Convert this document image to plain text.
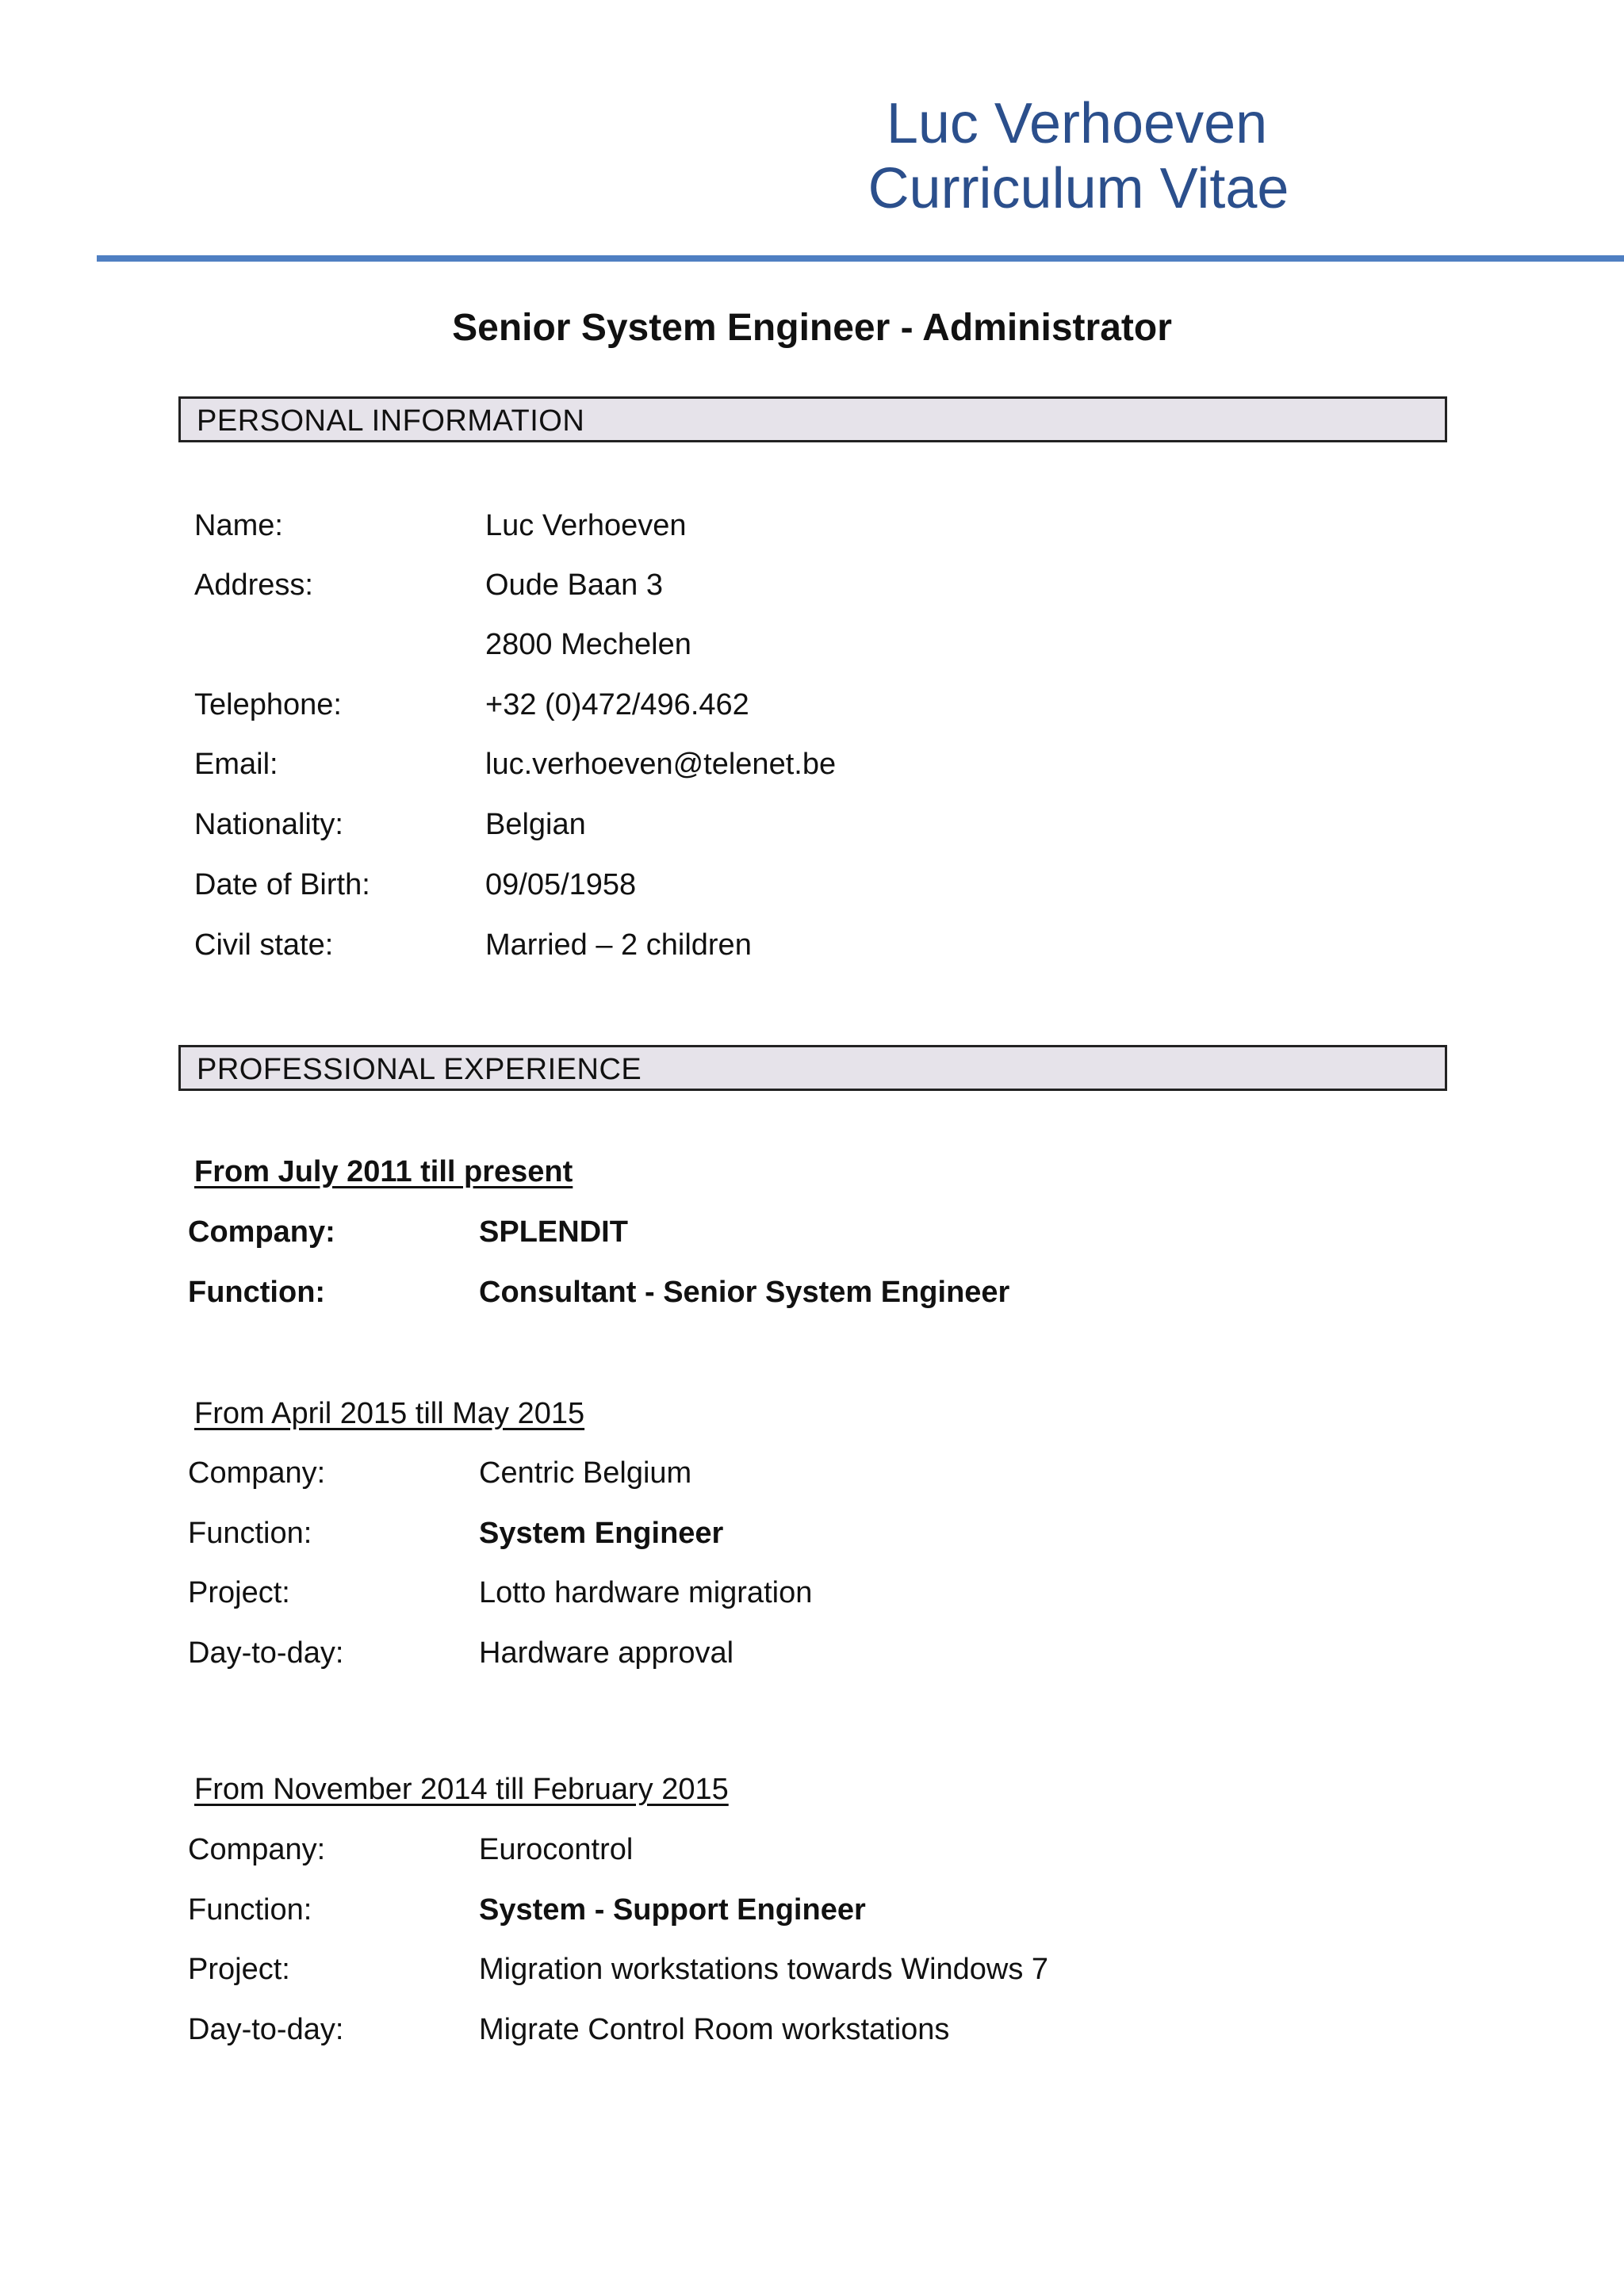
Luc Verhoeven
Curriculum Vitae
Senior System Engineer - Administrator
PERSONAL INFORMATION
Name:	Luc Verhoeven
Address:	Oude Baan 3
2800 Mechelen
Telephone:	+32 (0)472/496.462
Email:	luc.verhoeven@telenet.be
Nationality:	Belgian
Date of Birth:	09/05/1958
Civil state:	Married – 2 children
PROFESSIONAL EXPERIENCE
From July 2011 till present
Company:	SPLENDIT
Function:	Consultant - Senior System Engineer
From April 2015 till May 2015
Company:	Centric Belgium
Function:	System Engineer
Project:	Lotto hardware migration
Day-to-day:	Hardware approval
From November 2014 till February 2015
Company:	Eurocontrol
Function:	System - Support Engineer
Project:	Migration workstations towards Windows 7
Day-to-day:	Migrate Control Room workstations
